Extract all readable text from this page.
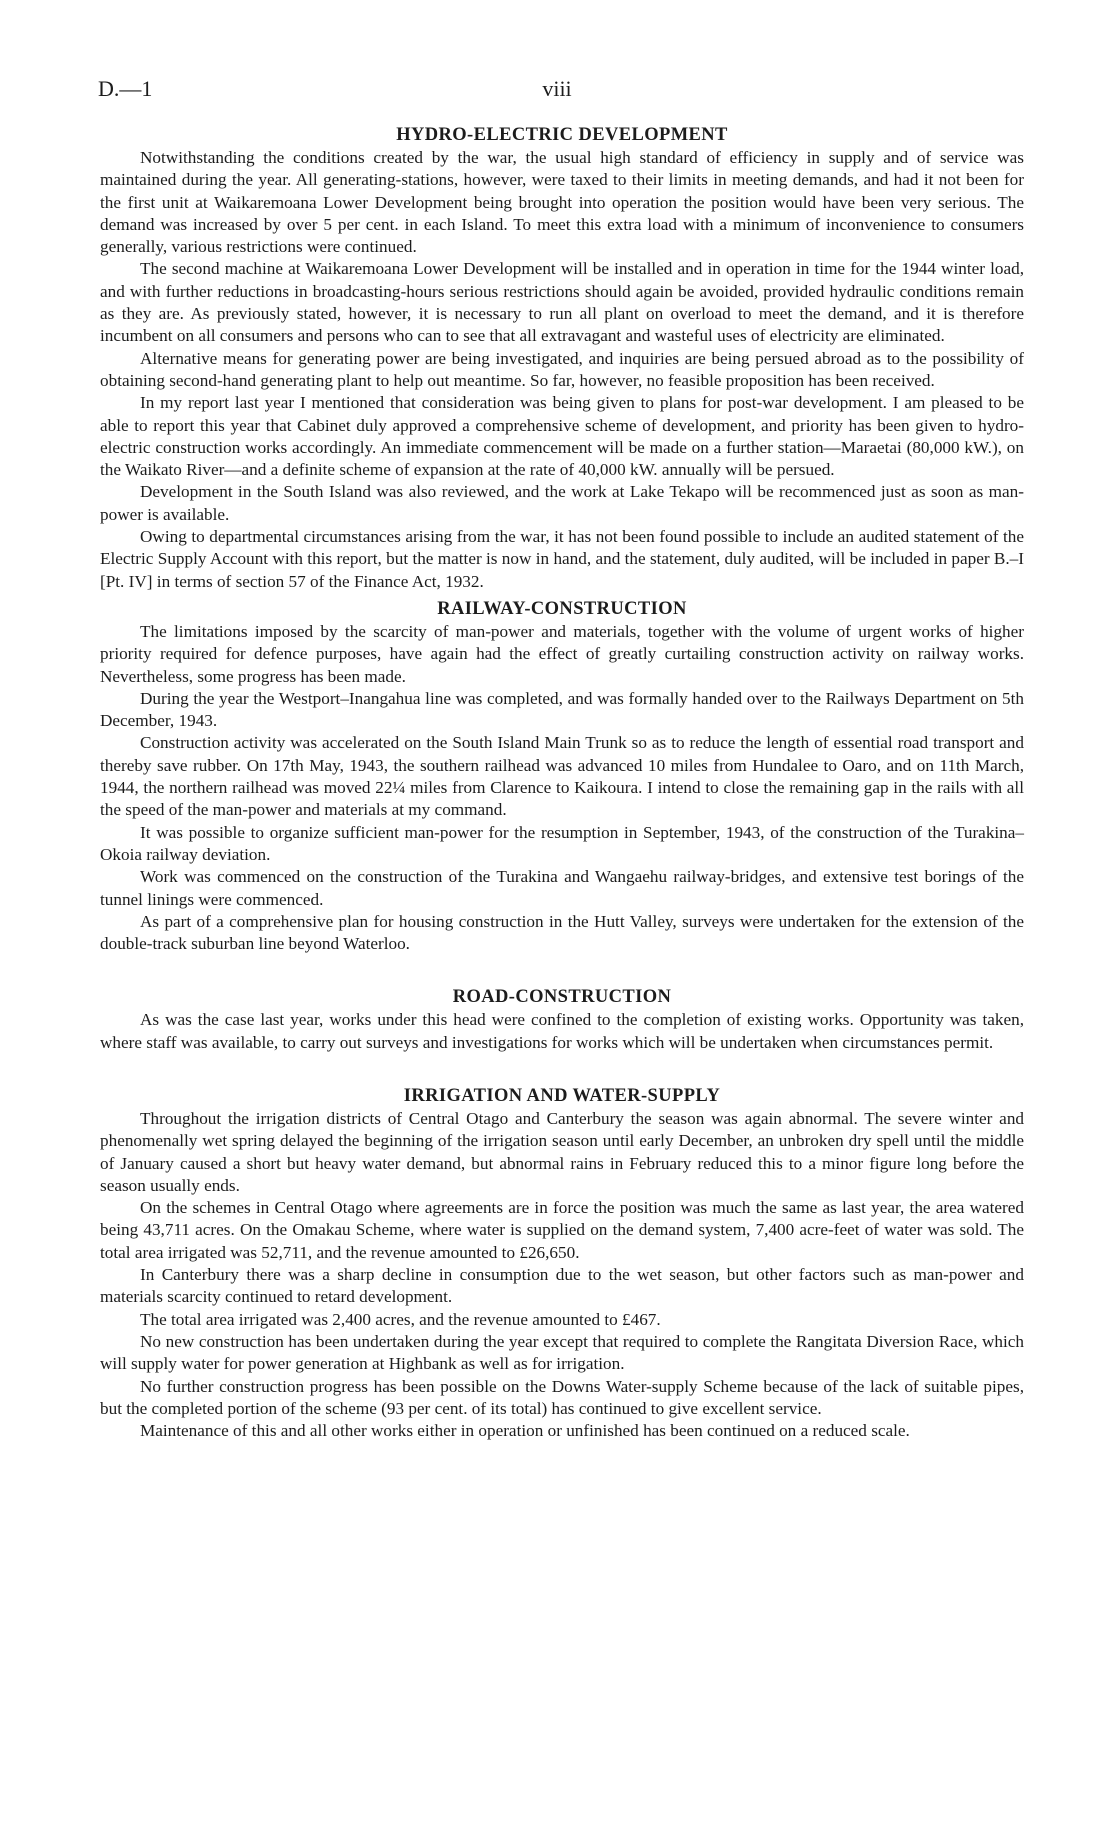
D.—1	viii
HYDRO-ELECTRIC DEVELOPMENT

Notwithstanding the conditions created by the war, the usual high standard of efficiency in supply and of service was maintained during the year. All generating-stations, however, were taxed to their limits in meeting demands, and had it not been for the first unit at Waikaremoana Lower Development being brought into operation the position would have been very serious. The demand was increased by over 5 per cent. in each Island. To meet this extra load with a minimum of inconvenience to consumers generally, various restrictions were continued.

The second machine at Waikaremoana Lower Development will be installed and in operation in time for the 1944 winter load, and with further reductions in broadcasting-hours serious restrictions should again be avoided, provided hydraulic conditions remain as they are. As previously stated, however, it is necessary to run all plant on overload to meet the demand, and it is therefore incumbent on all consumers and persons who can to see that all extravagant and wasteful uses of electricity are eliminated.

Alternative means for generating power are being investigated, and inquiries are being persued abroad as to the possibility of obtaining second-hand generating plant to help out meantime. So far, however, no feasible proposition has been received.

In my report last year I mentioned that consideration was being given to plans for post-war development. I am pleased to be able to report this year that Cabinet duly approved a comprehensive scheme of development, and priority has been given to hydro-electric construction works accordingly. An immediate commencement will be made on a further station—Maraetai (80,000 kW.), on the Waikato River—and a definite scheme of expansion at the rate of 40,000 kW. annually will be persued.

Development in the South Island was also reviewed, and the work at Lake Tekapo will be recommenced just as soon as man-power is available.

Owing to departmental circumstances arising from the war, it has not been found possible to include an audited statement of the Electric Supply Account with this report, but the matter is now in hand, and the statement, duly audited, will be included in paper B.–I [Pt. IV] in terms of section 57 of the Finance Act, 1932.

RAILWAY-CONSTRUCTION

The limitations imposed by the scarcity of man-power and materials, together with the volume of urgent works of higher priority required for defence purposes, have again had the effect of greatly curtailing construction activity on railway works. Nevertheless, some progress has been made.

During the year the Westport–Inangahua line was completed, and was formally handed over to the Railways Department on 5th December, 1943.

Construction activity was accelerated on the South Island Main Trunk so as to reduce the length of essential road transport and thereby save rubber. On 17th May, 1943, the southern railhead was advanced 10 miles from Hundalee to Oaro, and on 11th March, 1944, the northern railhead was moved 22¼ miles from Clarence to Kaikoura. I intend to close the remaining gap in the rails with all the speed of the man-power and materials at my command.

It was possible to organize sufficient man-power for the resumption in September, 1943, of the construction of the Turakina–Okoia railway deviation.

Work was commenced on the construction of the Turakina and Wangaehu railway-bridges, and extensive test borings of the tunnel linings were commenced.

As part of a comprehensive plan for housing construction in the Hutt Valley, surveys were undertaken for the extension of the double-track suburban line beyond Waterloo.

ROAD-CONSTRUCTION

As was the case last year, works under this head were confined to the completion of existing works. Opportunity was taken, where staff was available, to carry out surveys and investigations for works which will be undertaken when circumstances permit.

IRRIGATION AND WATER-SUPPLY

Throughout the irrigation districts of Central Otago and Canterbury the season was again abnormal. The severe winter and phenomenally wet spring delayed the beginning of the irrigation season until early December, an unbroken dry spell until the middle of January caused a short but heavy water demand, but abnormal rains in February reduced this to a minor figure long before the season usually ends.

On the schemes in Central Otago where agreements are in force the position was much the same as last year, the area watered being 43,711 acres. On the Omakau Scheme, where water is supplied on the demand system, 7,400 acre-feet of water was sold. The total area irrigated was 52,711, and the revenue amounted to £26,650.

In Canterbury there was a sharp decline in consumption due to the wet season, but other factors such as man-power and materials scarcity continued to retard development.

The total area irrigated was 2,400 acres, and the revenue amounted to £467.

No new construction has been undertaken during the year except that required to complete the Rangitata Diversion Race, which will supply water for power generation at Highbank as well as for irrigation.

No further construction progress has been possible on the Downs Water-supply Scheme because of the lack of suitable pipes, but the completed portion of the scheme (93 per cent. of its total) has continued to give excellent service.

Maintenance of this and all other works either in operation or unfinished has been continued on a reduced scale.
